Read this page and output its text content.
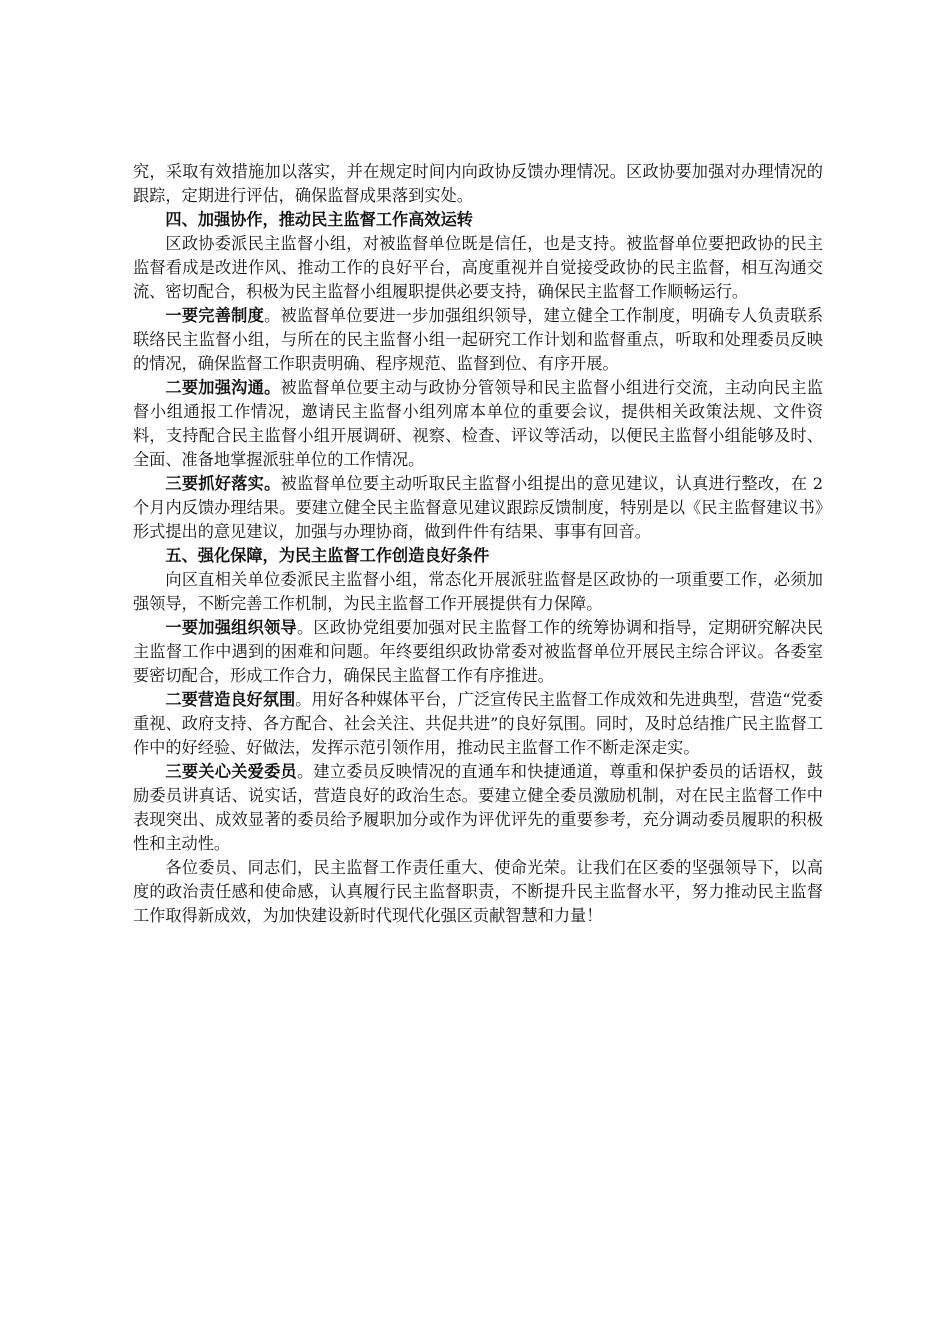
究，采取有效措施加以落实，并在规定时间内向政协反馈办理情况。区政协要加强对办理情况的跟踪，定期进行评估，确保监督成果落到实处。

四、加强协作，推动民主监督工作高效运转

区政协委派民主监督小组，对被监督单位既是信任，也是支持。被监督单位要把政协的民主监督看成是改进作风、推动工作的良好平台，高度重视并自觉接受政协的民主监督，相互沟通交流、密切配合，积极为民主监督小组履职提供必要支持，确保民主监督工作顺畅运行。

一要完善制度。被监督单位要进一步加强组织领导，建立健全工作制度，明确专人负责联系联络民主监督小组，与所在的民主监督小组一起研究工作计划和监督重点，听取和处理委员反映的情况，确保监督工作职责明确、程序规范、监督到位、有序开展。

二要加强沟通。被监督单位要主动与政协分管领导和民主监督小组进行交流，主动向民主监督小组通报工作情况，邀请民主监督小组列席本单位的重要会议，提供相关政策法规、文件资料，支持配合民主监督小组开展调研、视察、检查、评议等活动，以便民主监督小组能够及时、全面、准备地掌握派驻单位的工作情况。

三要抓好落实。被监督单位要主动听取民主监督小组提出的意见建议，认真进行整改，在 2 个月内反馈办理结果。要建立健全民主监督意见建议跟踪反馈制度，特别是以《民主监督建议书》形式提出的意见建议，加强与办理协商，做到件件有结果、事事有回音。

五、强化保障，为民主监督工作创造良好条件

向区直相关单位委派民主监督小组，常态化开展派驻监督是区政协的一项重要工作，必须加强领导，不断完善工作机制，为民主监督工作开展提供有力保障。

一要加强组织领导。区政协党组要加强对民主监督工作的统筹协调和指导，定期研究解决民主监督工作中遇到的困难和问题。年终要组织政协常委对被监督单位开展民主综合评议。各委室要密切配合，形成工作合力，确保民主监督工作有序推进。

二要营造良好氛围。用好各种媒体平台，广泛宣传民主监督工作成效和先进典型，营造“党委重视、政府支持、各方配合、社会关注、共促共进”的良好氛围。同时，及时总结推广民主监督工作中的好经验、好做法，发挥示范引领作用，推动民主监督工作不断走深走实。

三要关心关爱委员。建立委员反映情况的直通车和快捷通道，尊重和保护委员的话语权，鼓励委员讲真话、说实话，营造良好的政治生态。要建立健全委员激励机制，对在民主监督工作中表现突出、成效显著的委员给予履职加分或作为评优评先的重要参考，充分调动委员履职的积极性和主动性。

各位委员、同志们，民主监督工作责任重大、使命光荣。让我们在区委的坚强领导下，以高度的政治责任感和使命感，认真履行民主监督职责，不断提升民主监督水平，努力推动民主监督工作取得新成效，为加快建设新时代现代化强区贡献智慧和力量！
